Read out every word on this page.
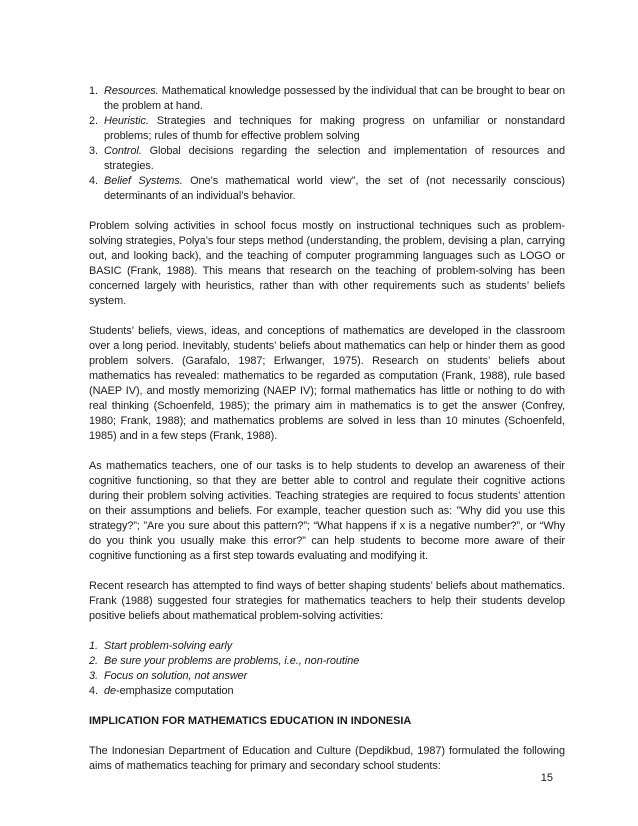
1. Resources. Mathematical knowledge possessed by the individual that can be brought to bear on the problem at hand.
2. Heuristic. Strategies and techniques for making progress on unfamiliar or nonstandard problems; rules of thumb for effective problem solving
3. Control. Global decisions regarding the selection and implementation of resources and strategies.
4. Belief Systems. One’s mathematical world view”, the set of (not necessarily conscious) determinants of an individual’s behavior.

Problem solving activities in school focus mostly on instructional techniques such as problem-solving strategies, Polya’s four steps method (understanding, the problem, devising a plan, carrying out, and looking back), and the teaching of computer programming languages such as LOGO or BASIC (Frank, 1988). This means that research on the teaching of problem-solving has been concerned largely with heuristics, rather than with other requirements such as students’ beliefs system.

Students’ beliefs, views, ideas, and conceptions of mathematics are developed in the classroom over a long period. Inevitably, students’ beliefs about mathematics can help or hinder them as good problem solvers. (Garafalo, 1987; Erlwanger, 1975). Research on students’ beliefs about mathematics has revealed: mathematics to be regarded as computation (Frank, 1988), rule based (NAEP IV), and mostly memorizing (NAEP IV); formal mathematics has little or nothing to do with real thinking (Schoenfeld, 1985); the primary aim in mathematics is to get the answer (Confrey, 1980; Frank, 1988); and mathematics problems are solved in less than 10 minutes (Schoenfeld, 1985) and in a few steps (Frank, 1988).

As mathematics teachers, one of our tasks is to help students to develop an awareness of their cognitive functioning, so that they are better able to control and regulate their cognitive actions during their problem solving activities. Teaching strategies are required to focus students’ attention on their assumptions and beliefs. For example, teacher question such as: ”Why did you use this strategy?”; ”Are you sure about this pattern?”; “What happens if x is a negative number?”, or “Why do you think you usually make this error?” can help students to become more aware of their cognitive functioning as a first step towards evaluating and modifying it.

Recent research has attempted to find ways of better shaping students’ beliefs about mathematics. Frank (1988) suggested four strategies for mathematics teachers to help their students develop positive beliefs about mathematical problem-solving activities:

1. Start problem-solving early
2. Be sure your problems are problems, i.e., non-routine
3. Focus on solution, not answer
4. de-emphasize computation
IMPLICATION FOR MATHEMATICS EDUCATION IN INDONESIA

The Indonesian Department of Education and Culture (Depdikbud, 1987) formulated the following aims of mathematics teaching for primary and secondary school students:

15
